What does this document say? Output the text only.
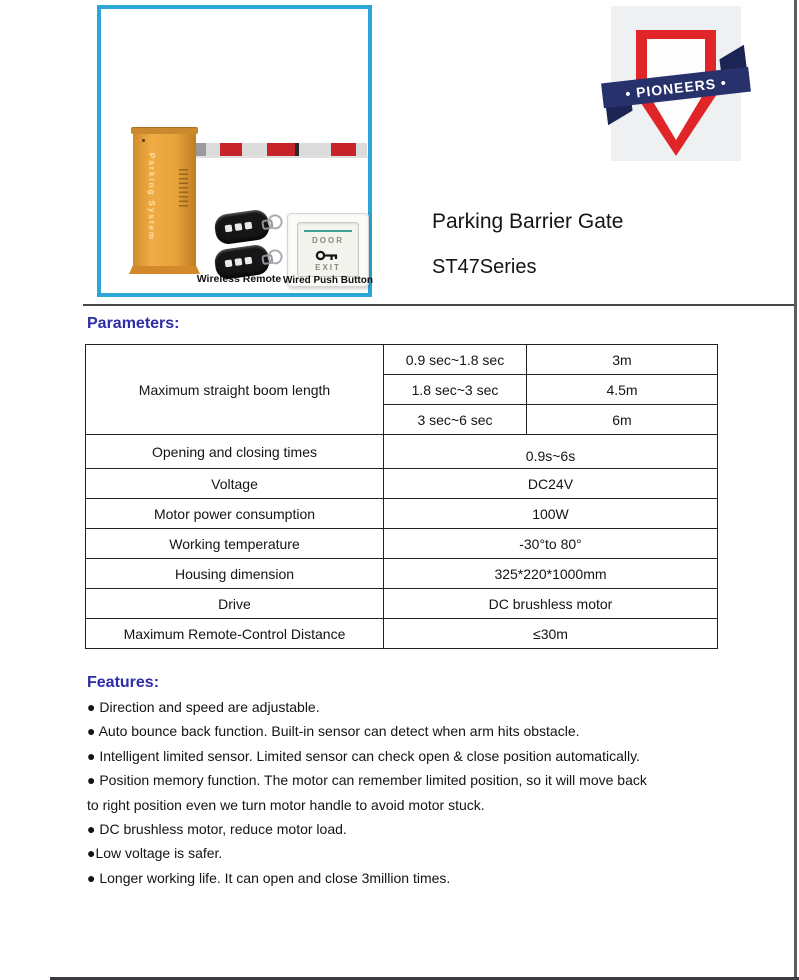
Parking System	DOOR
EXIT
Wireless Remote Wired Push Button
• PIONEERS •
Parking Barrier Gate
ST47Series
Parameters:
Maximum straight boom length	0.9 sec~1.8 sec	3m
	1.8 sec~3 sec	4.5m
	3 sec~6 sec	6m
Opening and closing times	0.9s~6s	
Voltage	DC24V	
Motor power consumption	100W	
Working temperature	-30°to 80°	
Housing dimension	325*220*1000mm	
Drive	DC brushless motor	
Maximum Remote-Control Distance	≤30m	
Features:
● Direction and speed are adjustable.
● Auto bounce back function. Built-in sensor can detect when arm hits obstacle.
● Intelligent limited sensor. Limited sensor can check open & close position automatically.
● Position memory function. The motor can remember limited position, so it will move back
to right position even we turn motor handle to avoid motor stuck.
● DC brushless motor, reduce motor load.
●Low voltage is safer.
● Longer working life. It can open and close 3million times.
